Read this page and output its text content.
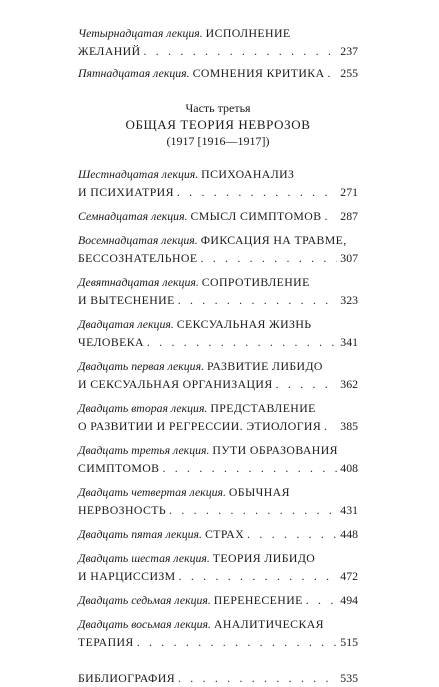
Четырнадцатая лекция. ИСПОЛНЕНИЕ
ЖЕЛАНИЙ . . .	237
Пятнадцатая лекция. СОМНЕНИЯ КРИТИКА . . . 255
Часть третья
ОБЩАЯ ТЕОРИЯ НЕВРОЗОВ
(1917 [1916—1917])
Шестнадцатая лекция. ПСИХОАНАЛИЗ
И ПСИХИАТРИЯ . . .	271
Семнадцатая лекция. СМЫСЛ СИМПТОМОВ . . . 287
Восемнадцатая лекция. ФИКСАЦИЯ НА ТРАВМЕ,
БЕССОЗНАТЕЛЬНОЕ . . .	307
Девятнадцатая лекция. СОПРОТИВЛЕНИЕ
И ВЫТЕСНЕНИЕ . . .	323
Двадцатая лекция. СЕКСУАЛЬНАЯ ЖИЗНЬ
ЧЕЛОВЕКА . . .	341
Двадцать первая лекция. РАЗВИТИЕ ЛИБИДО
И СЕКСУАЛЬНАЯ ОРГАНИЗАЦИЯ . . .	362
Двадцать вторая лекция. ПРЕДСТАВЛЕНИЕ
О РАЗВИТИИ И РЕГРЕССИИ. ЭТИОЛОГИЯ . . . 385
Двадцать третья лекция. ПУТИ ОБРАЗОВАНИЯ
СИМПТОМОВ . . .	408
Двадцать четвертая лекция. ОБЫЧНАЯ
НЕРВОЗНОСТЬ . . .	431
Двадцать пятая лекция. СТРАХ . . .	448
Двадцать шестая лекция. ТЕОРИЯ ЛИБИДО
И НАРЦИССИЗМ . . .	472
Двадцать седьмая лекция. ПЕРЕНЕСЕНИЕ . . .	494
Двадцать восьмая лекция. АНАЛИТИЧЕСКАЯ
ТЕРАПИЯ . . .	515
БИБЛИОГРАФИЯ . . .	535
